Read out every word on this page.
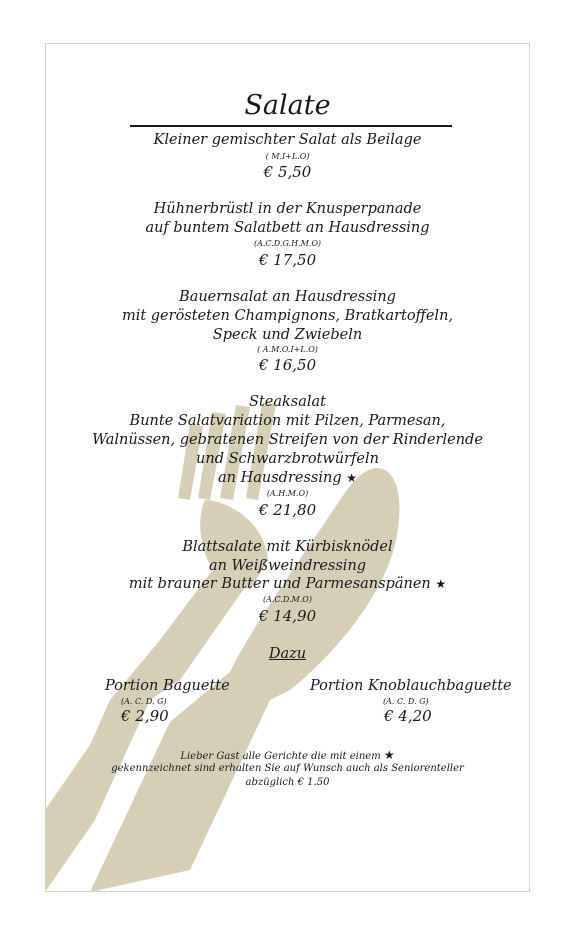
Salate
Kleiner gemischter Salat als Beilage
( M.I+L.O)
€ 5,50
Hühnerbrüstl in der Knusperpanade
auf buntem Salatbett an Hausdressing
(A.C.D.G.H.M.O)
€ 17,50
Bauernsalat an Hausdressing
mit gerösteten Champignons, Bratkartoffeln,
Speck und Zwiebeln
( A.M.O.I+L.O)
€ 16,50
Steaksalat
Bunte Salatvariation mit Pilzen, Parmesan,
Walnüssen, gebratenen Streifen von der Rinderlende
und Schwarzbrotwürfeln
an Hausdressing ★
(A.H.M.O)
€ 21,80
Blattsalate mit Kürbisknödel
an Weißweindressing
mit brauner Butter und Parmesanspänen ★
(A.C.D.M.O)
€ 14,90
Dazu
Portion Baguette
(A. C. D. G)
€ 2,90
Portion Knoblauchbaguette
(A. C. D. G)
€ 4,20
Lieber Gast alle Gerichte die mit einem ★
gekennzeichnet sind erhalten Sie auf Wunsch auch als Seniorenteller
abzüglich € 1.50
